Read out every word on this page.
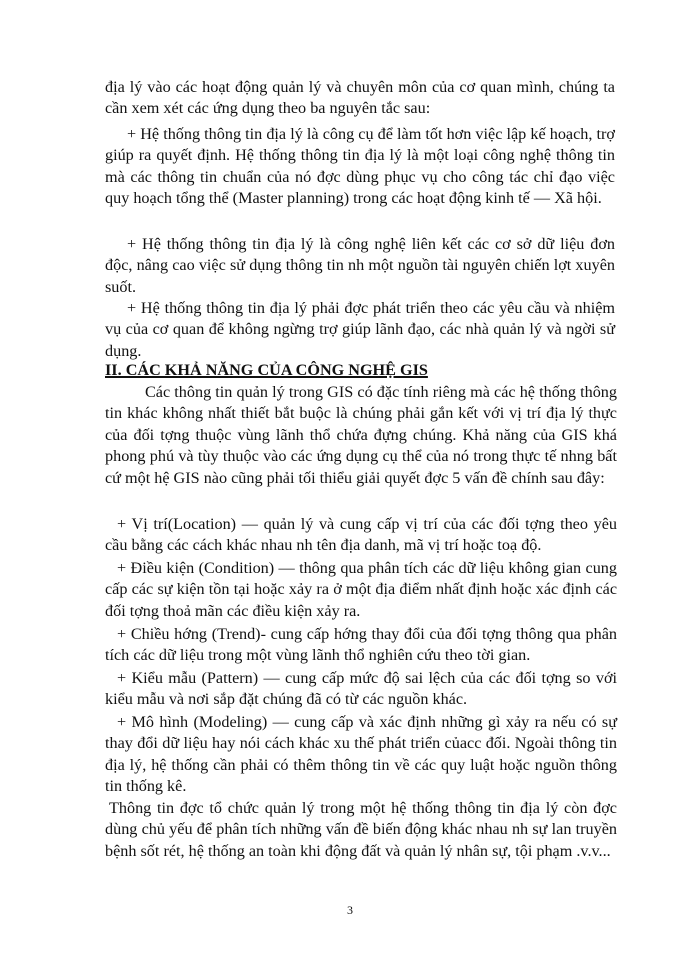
địa lý vào các hoạt động quản lý và chuyên môn của cơ quan mình, chúng ta cần xem xét các ứng dụng theo ba nguyên tắc sau:

+ Hệ thống thông tin địa lý là công cụ để làm tốt hơn việc lập kế hoạch, trợ giúp ra quyết định. Hệ thống thông tin địa lý là một loại công nghệ thông tin mà các thông tin chuẩn của nó đợc dùng phục vụ cho công tác chỉ đạo việc quy hoạch tổng thể (Master planning) trong các hoạt động kinh tế — Xã hội.

+ Hệ thống thông tin địa lý là công nghệ liên kết các cơ sở dữ liệu đơn độc, nâng cao việc sử dụng thông tin nh một nguồn tài nguyên chiến lợt xuyên suốt.

+ Hệ thống thông tin địa lý phải đợc phát triển theo các yêu cầu và nhiệm vụ của cơ quan để không ngừng trợ giúp lãnh đạo, các nhà quản lý và ngời sử dụng.

II. CÁC KHẢ NĂNG CỦA CÔNG NGHỆ GIS

Các thông tin quản lý trong GIS có đặc tính riêng mà các hệ thống thông tin khác không nhất thiết bắt buộc là chúng phải gắn kết với vị trí địa lý thực của đối tợng thuộc vùng lãnh thổ chứa đựng chúng. Khả năng của GIS khá phong phú và tùy thuộc vào các ứng dụng cụ thể của nó trong thực tế nhng bất cứ một hệ GIS nào cũng phải tối thiểu giải quyết đợc 5 vấn đề chính sau đây:

+ Vị trí(Location) — quản lý và cung cấp vị trí của các đối tợng theo yêu cầu bằng các cách khác nhau nh tên địa danh, mã vị trí hoặc toạ độ.

+ Điều kiện (Condition) — thông qua phân tích các dữ liệu không gian cung cấp các sự kiện tồn tại hoặc xảy ra ở một địa điểm nhất định hoặc xác định các đối tợng thoả mãn các điều kiện xảy ra.

+ Chiều hớng (Trend)- cung cấp hớng thay đổi của đối tợng thông qua phân tích các dữ liệu trong một vùng lãnh thổ nghiên cứu theo tời gian.

+ Kiểu mẫu (Pattern) — cung cấp mức độ sai lệch của các đối tợng so với kiểu mẫu và nơi sắp đặt chúng đã có từ các nguồn khác.

+ Mô hình (Modeling) — cung cấp và xác định những gì xảy ra nếu có sự thay đổi dữ liệu hay nói cách khác xu thế phát triển củacc đối. Ngoài thông tin địa lý, hệ thống cần phải có thêm thông tin về các quy luật hoặc nguồn thông tin thống kê.

Thông tin đợc tổ chức quản lý trong một hệ thống thông tin địa lý còn đợc dùng chủ yếu để phân tích những vấn đề biến động khác nhau nh sự lan truyền bệnh sốt rét, hệ thống an toàn khi động đất và quản lý nhân sự, tội phạm .v.v...

3
